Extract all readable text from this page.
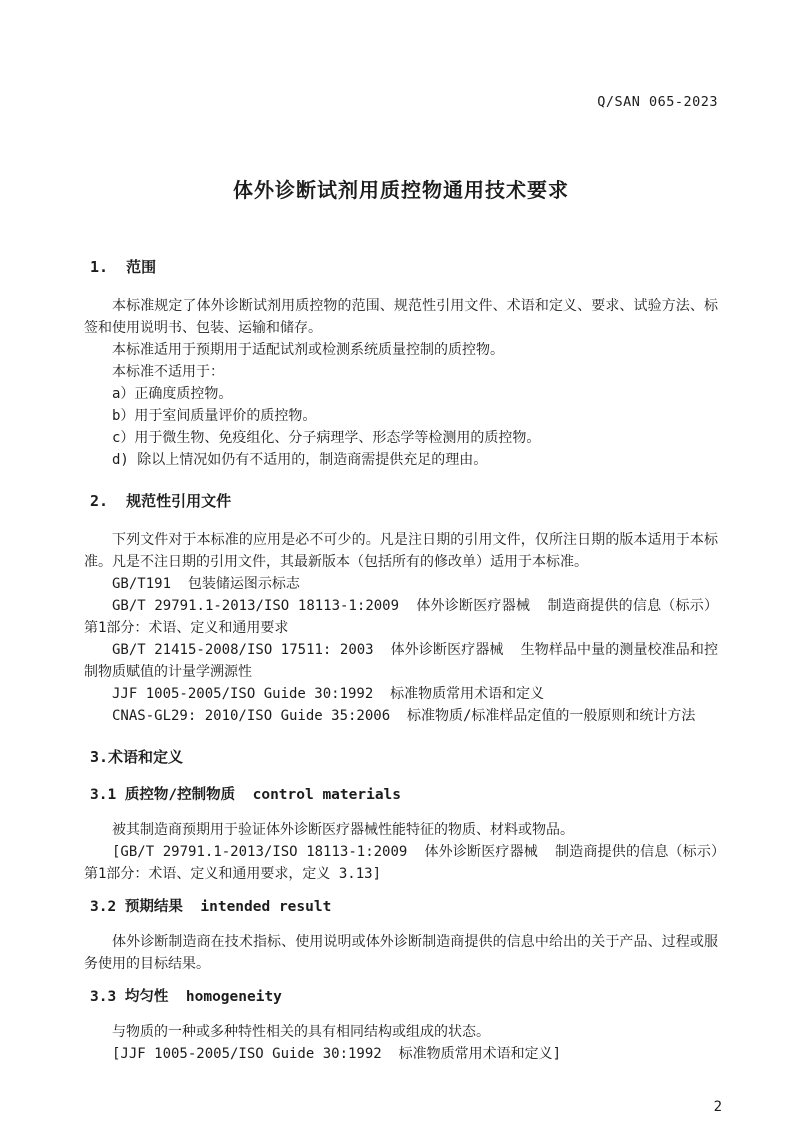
Q/SAN 065-2023
体外诊断试剂用质控物通用技术要求
1.  范围

本标准规定了体外诊断试剂用质控物的范围、规范性引用文件、术语和定义、要求、试验方法、标签和使用说明书、包装、运输和储存。

本标准适用于预期用于适配试剂或检测系统质量控制的质控物。

本标准不适用于：

a）正确度质控物。

b）用于室间质量评价的质控物。

c）用于微生物、免疫组化、分子病理学、形态学等检测用的质控物。

d) 除以上情况如仍有不适用的，制造商需提供充足的理由。

2.  规范性引用文件

下列文件对于本标准的应用是必不可少的。凡是注日期的引用文件，仅所注日期的版本适用于本标准。凡是不注日期的引用文件，其最新版本（包括所有的修改单）适用于本标准。

GB/T191  包装储运图示标志

GB/T 29791.1-2013/ISO 18113-1:2009  体外诊断医疗器械  制造商提供的信息（标示）第1部分：术语、定义和通用要求

GB/T 21415-2008/ISO 17511: 2003  体外诊断医疗器械  生物样品中量的测量校准品和控制物质赋值的计量学溯源性

JJF 1005-2005/ISO Guide 30:1992  标准物质常用术语和定义

CNAS-GL29: 2010/ISO Guide 35:2006  标准物质/标准样品定值的一般原则和统计方法

3.术语和定义
3.1 质控物/控制物质  control materials

被其制造商预期用于验证体外诊断医疗器械性能特征的物质、材料或物品。

[GB/T 29791.1-2013/ISO 18113-1:2009  体外诊断医疗器械  制造商提供的信息（标示）第1部分：术语、定义和通用要求，定义 3.13]

3.2 预期结果  intended result

体外诊断制造商在技术指标、使用说明或体外诊断制造商提供的信息中给出的关于产品、过程或服务使用的目标结果。

3.3 均匀性  homogeneity

与物质的一种或多种特性相关的具有相同结构或组成的状态。

[JJF 1005-2005/ISO Guide 30:1992  标准物质常用术语和定义]

2
